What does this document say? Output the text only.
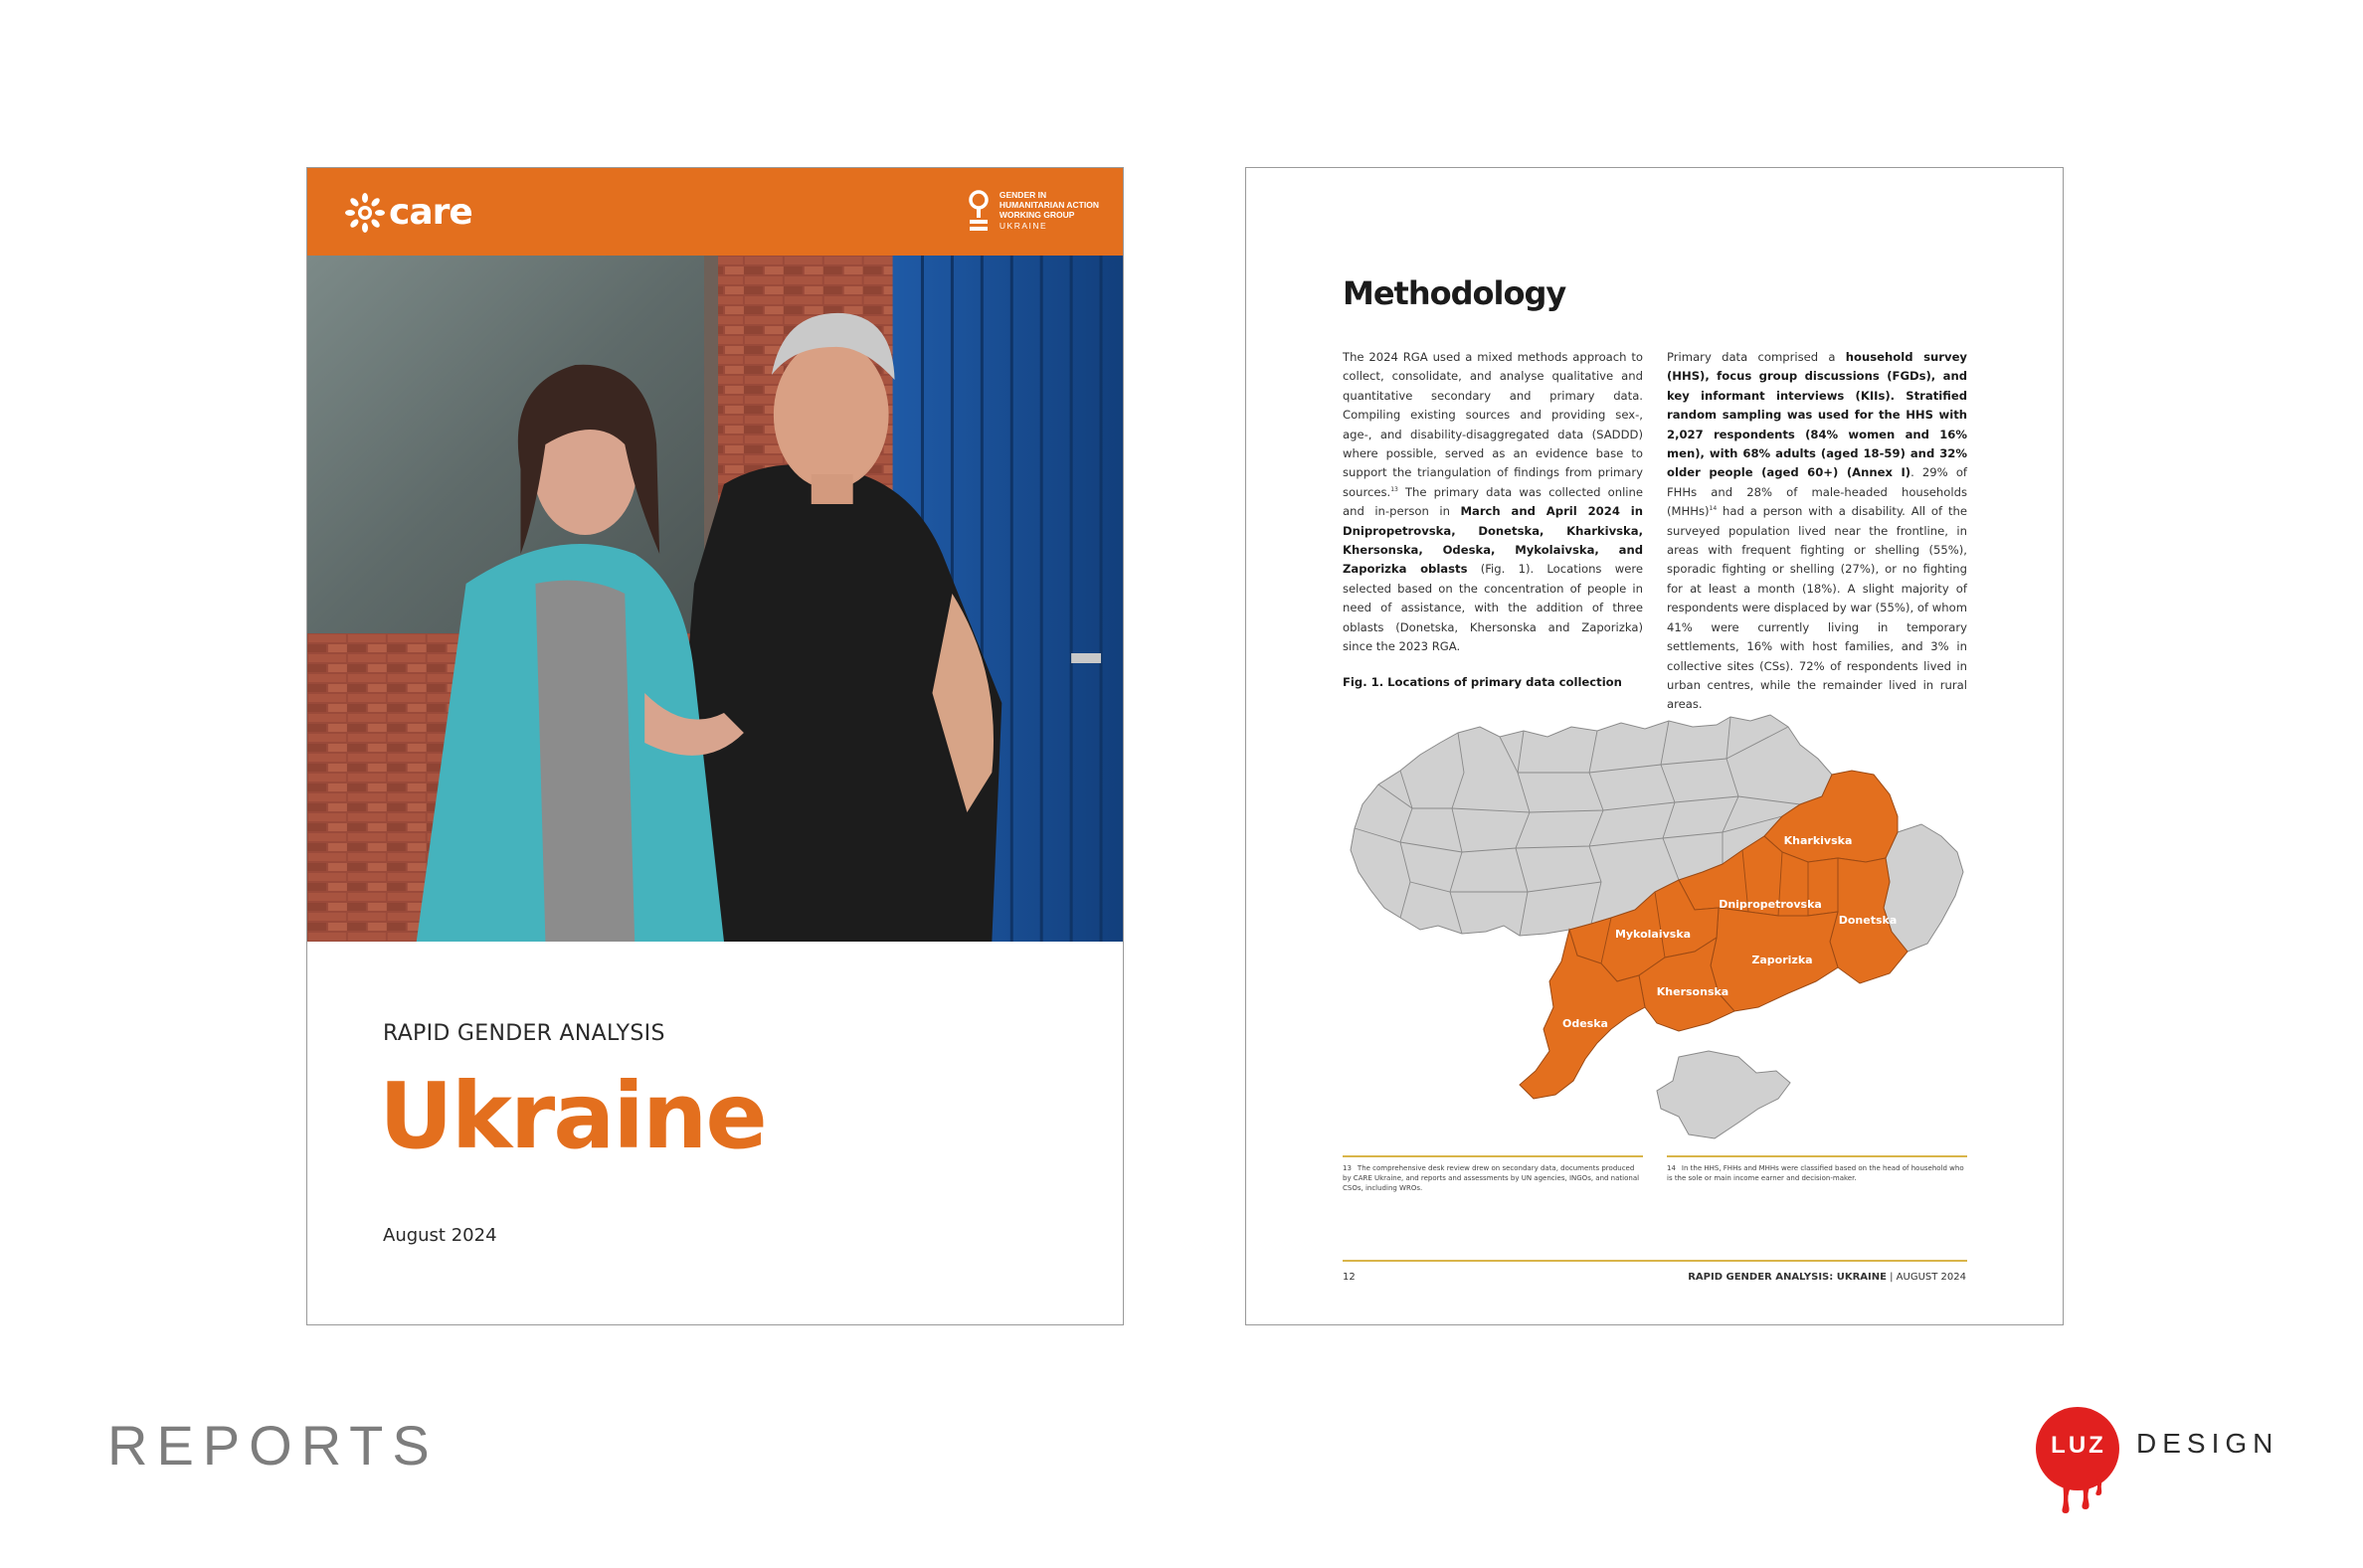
care	GENDER IN
HUMANITARIAN ACTION
WORKING GROUP
UKRAINE
RAPID GENDER ANALYSIS
Ukraine
August 2024
Methodology
The 2024 RGA used a mixed methods approach to collect, consolidate, and analyse qualitative and quantitative secondary and primary data. Compiling existing sources and providing sex-, age-, and disability-disaggregated data (SADDD) where possible, served as an evidence base to support the triangulation of findings from primary sources.$^{13}$ The primary data was collected online and in-person in March and April 2024 in Dnipropetrovska, Donetska, Kharkivska, Khersonska, Odeska, Mykolaivska, and Zaporizka oblasts (Fig. 1). Locations were selected based on the concentration of people in need of assistance, with the addition of three oblasts (Donetska, Khersonska and Zaporizka) since the 2023 RGA.
Primary data comprised a household survey (HHS), focus group discussions (FGDs), and key informant interviews (KIIs). Stratified random sampling was used for the HHS with 2,027 respondents (84% women and 16% men), with 68% adults (aged 18-59) and 32% older people (aged 60+) (Annex I). 29% of FHHs and 28% of male-headed households (MHHs)$^{14}$ had a person with a disability. All of the surveyed population lived near the frontline, in areas with frequent fighting or shelling (55%), sporadic fighting or shelling (27%), or no fighting for at least a month (18%). A slight majority of respondents were displaced by war (55%), of whom 41% were currently living in temporary settlements, 16% with host families, and 3% in collective sites (CSs). 72% of respondents lived in urban centres, while the remainder lived in rural areas.
Fig. 1. Locations of primary data collection
Kharkivska
Dnipropetrovska
Donetska
Mykolaivska
Zaporizka
Khersonska
Odeska
13 The comprehensive desk review drew on secondary data, documents produced by CARE Ukraine, and reports and assessments by UN agencies, INGOs, and national CSOs, including WROs.
14 In the HHS, FHHs and MHHs were classified based on the head of household who is the sole or main income earner and decision-maker.
12	RAPID GENDER ANALYSIS: UKRAINE | AUGUST 2024
REPORTS	LUZ DESIGN
